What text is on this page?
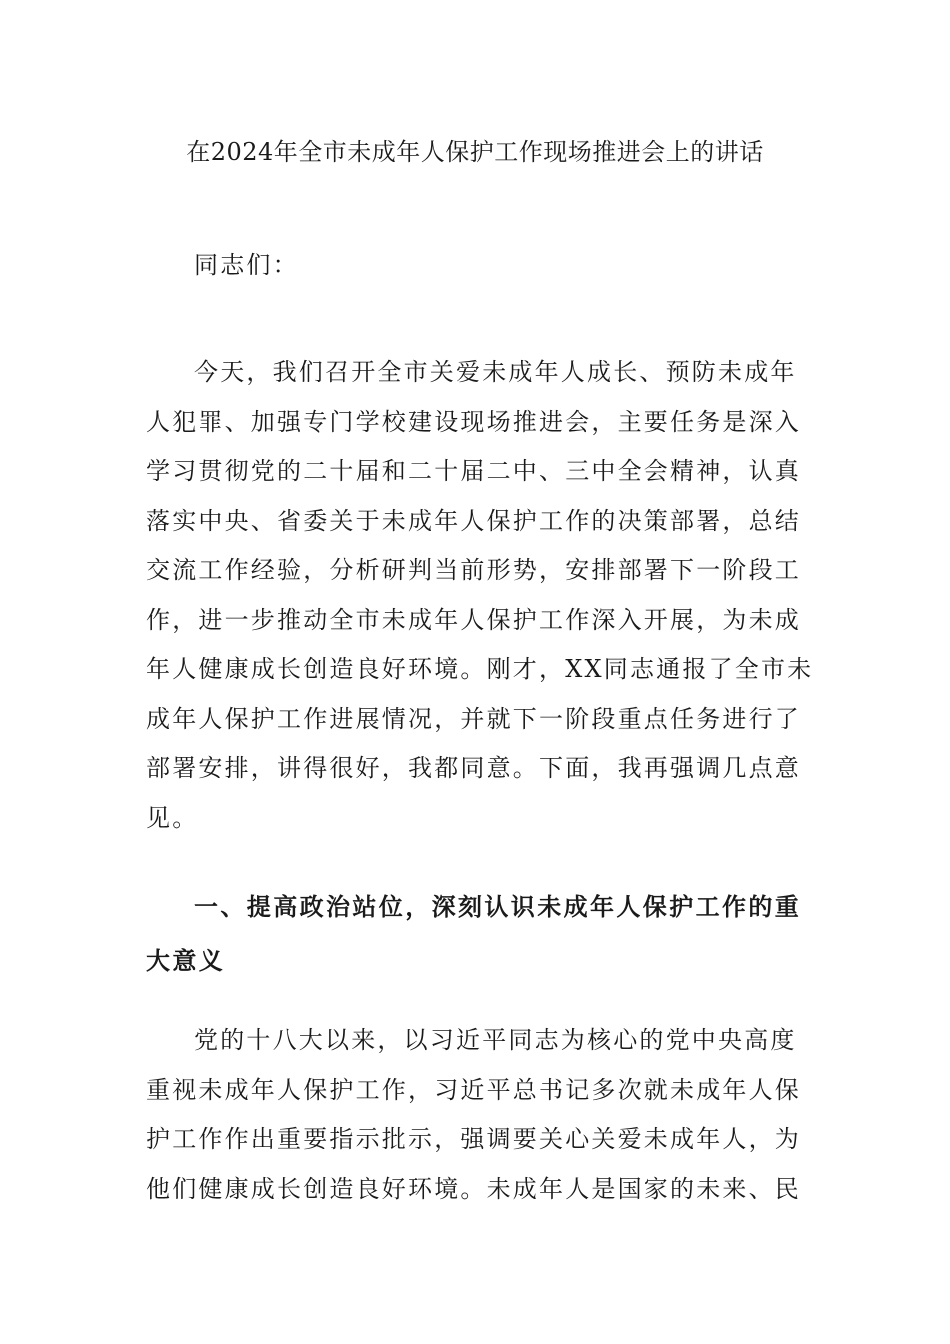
在2024年全市未成年人保护工作现场推进会上的讲话
同志们：
今天，我们召开全市关爱未成年人成长、预防未成年
人犯罪、加强专门学校建设现场推进会，主要任务是深入
学习贯彻党的二十届和二十届二中、三中全会精神，认真
落实中央、省委关于未成年人保护工作的决策部署，总结
交流工作经验，分析研判当前形势，安排部署下一阶段工
作，进一步推动全市未成年人保护工作深入开展，为未成
年人健康成长创造良好环境。刚才，XX同志通报了全市未
成年人保护工作进展情况，并就下一阶段重点任务进行了
部署安排，讲得很好，我都同意。下面，我再强调几点意
见。
一、提高政治站位，深刻认识未成年人保护工作的重
大意义
党的十八大以来，以习近平同志为核心的党中央高度
重视未成年人保护工作，习近平总书记多次就未成年人保
护工作作出重要指示批示，强调要关心关爱未成年人，为
他们健康成长创造良好环境。未成年人是国家的未来、民
